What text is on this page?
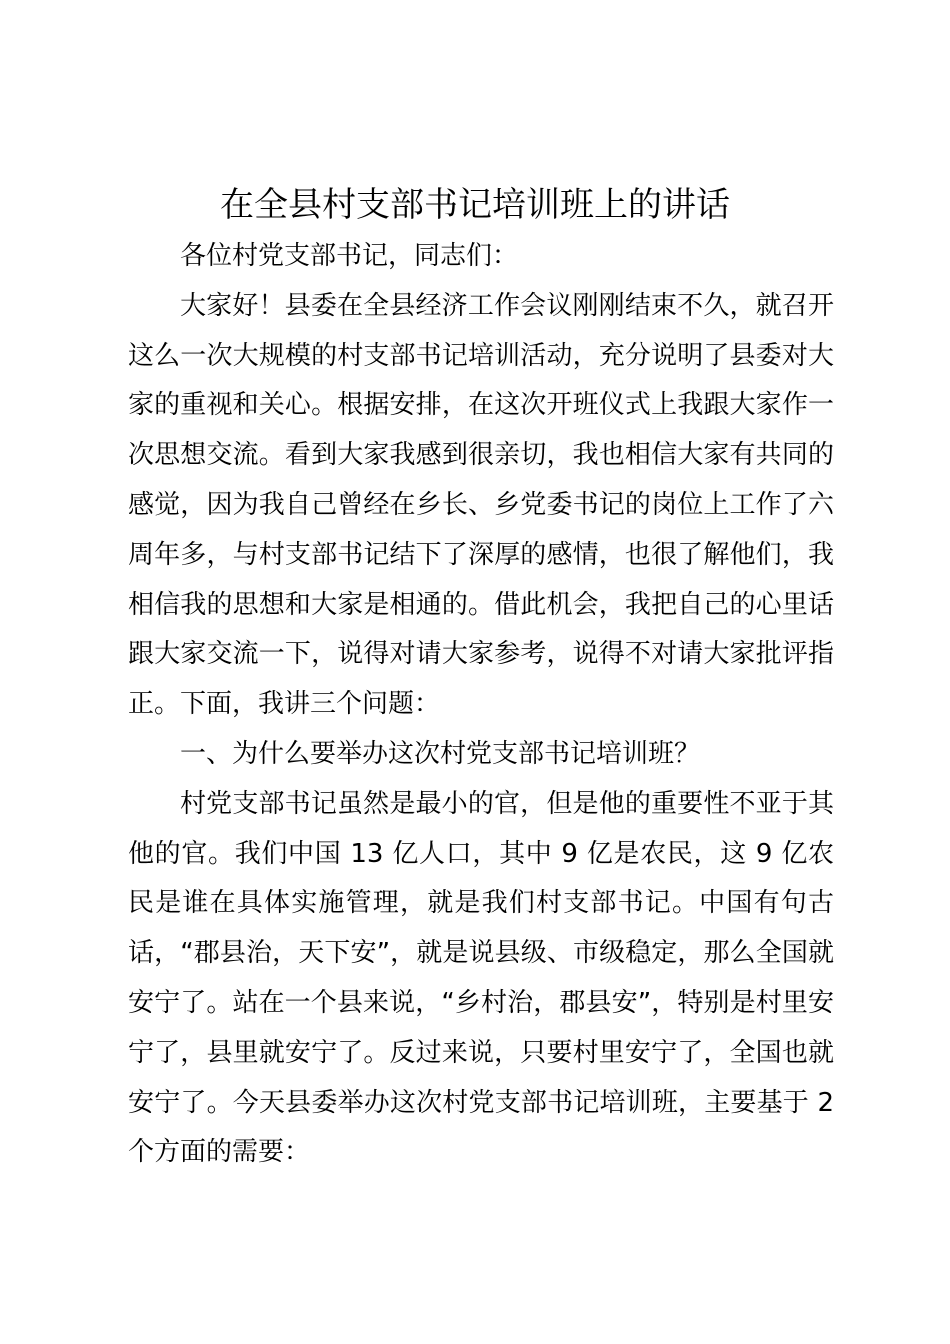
在全县村支部书记培训班上的讲话

各位村党支部书记，同志们：

大家好！县委在全县经济工作会议刚刚结束不久，就召开这么一次大规模的村支部书记培训活动，充分说明了县委对大家的重视和关心。根据安排，在这次开班仪式上我跟大家作一次思想交流。看到大家我感到很亲切，我也相信大家有共同的感觉，因为我自己曾经在乡长、乡党委书记的岗位上工作了六周年多，与村支部书记结下了深厚的感情，也很了解他们，我相信我的思想和大家是相通的。借此机会，我把自己的心里话跟大家交流一下，说得对请大家参考，说得不对请大家批评指正。下面，我讲三个问题：

一、为什么要举办这次村党支部书记培训班？

村党支部书记虽然是最小的官，但是他的重要性不亚于其他的官。我们中国 13 亿人口，其中 9 亿是农民，这 9 亿农民是谁在具体实施管理，就是我们村支部书记。中国有句古话，“郡县治，天下安”，就是说县级、市级稳定，那么全国就安宁了。站在一个县来说，“乡村治，郡县安”，特别是村里安宁了，县里就安宁了。反过来说，只要村里安宁了，全国也就安宁了。今天县委举办这次村党支部书记培训班，主要基于 2 个方面的需要：
